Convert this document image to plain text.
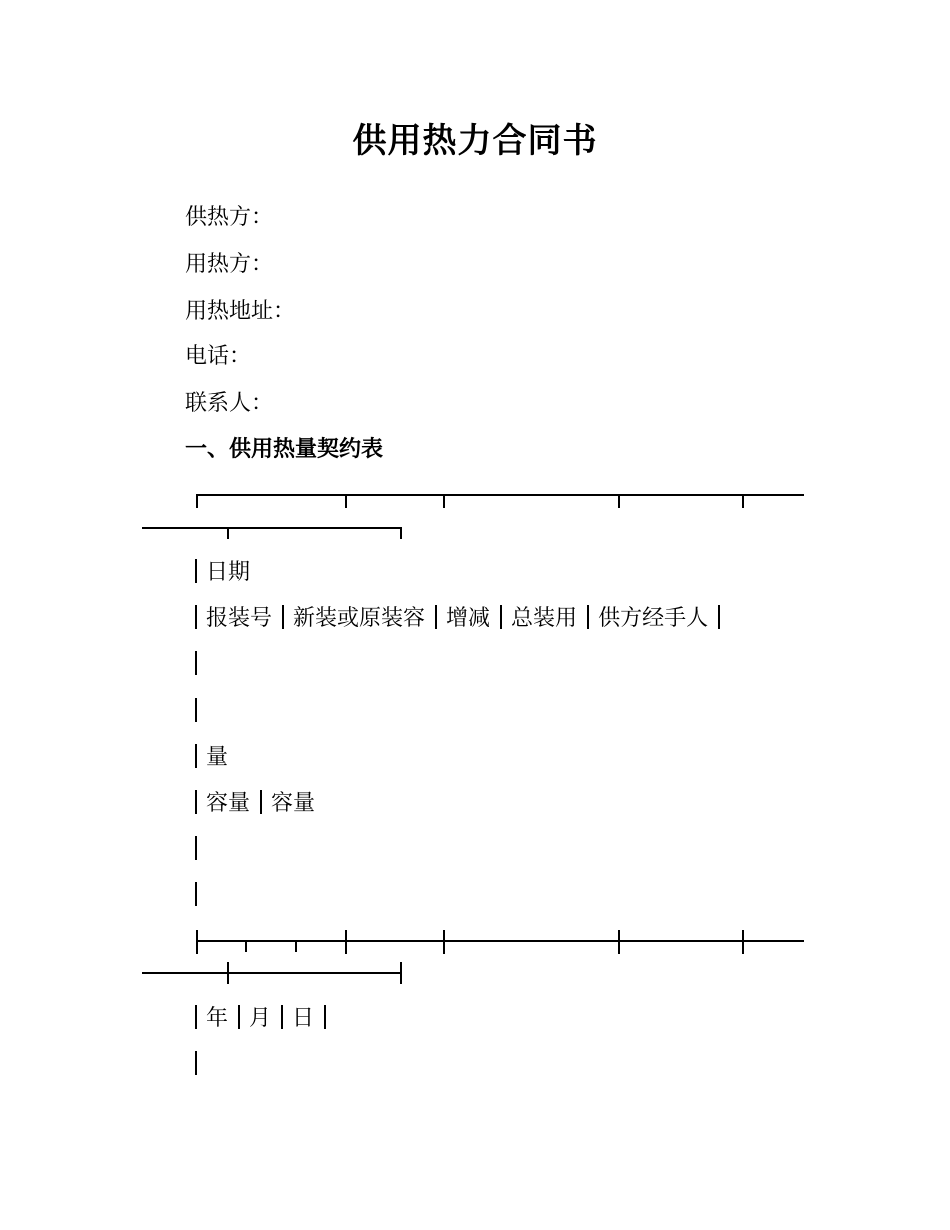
供用热力合同书
供热方：
用热方：
用热地址：
电话：
联系人：
一、供用热量契约表
日期
报装号 新装或原装容 增减 总装用 供方经手人
量
容量 容量
年 月 日
